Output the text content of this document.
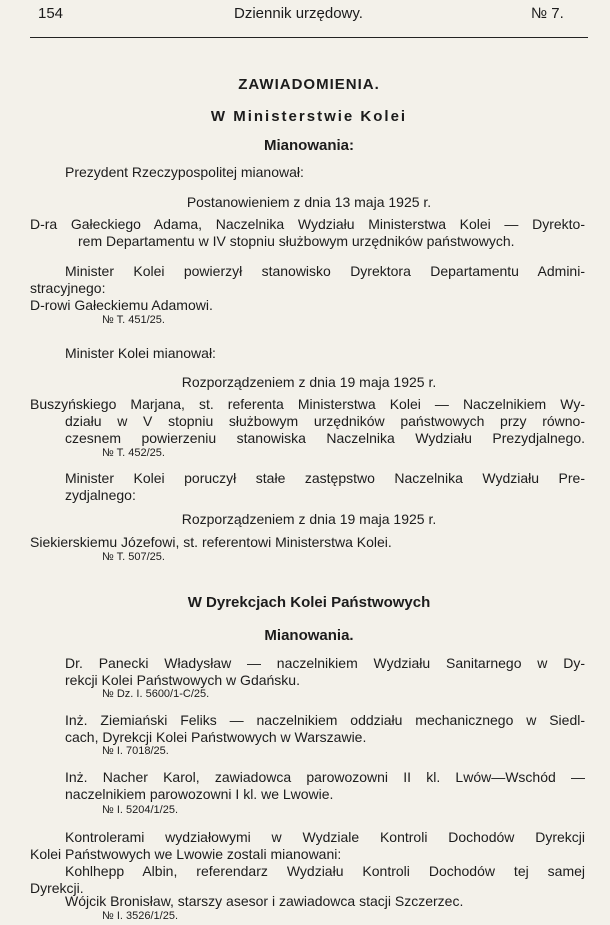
154	Dziennik urzędowy.	№ 7.
ZAWIADOMIENIA.
W Ministerstwie Kolei
Mianowania:
Prezydent Rzeczypospolitej mianował:
Postanowieniem z dnia 13 maja 1925 r.
D-ra Gałeckiego Adama, Naczelnika Wydziału Ministerstwa Kolei — Dyrekto-
rem Departamentu w IV stopniu służbowym urzędników państwowych.
Minister Kolei powierzył stanowisko Dyrektora Departamentu Admini-
stracyjnego:
D-rowi Gałeckiemu Adamowi.
№ T. 451/25.
Minister Kolei mianował:
Rozporządzeniem z dnia 19 maja 1925 r.
Buszyńskiego Marjana, st. referenta Ministerstwa Kolei — Naczelnikiem Wy-
działu w V stopniu służbowym urzędników państwowych przy równo-
czesnem powierzeniu stanowiska Naczelnika Wydziału Prezydjalnego.
№ T. 452/25.
Minister Kolei poruczył stałe zastępstwo Naczelnika Wydziału Pre-
zydjalnego:
Rozporządzeniem z dnia 19 maja 1925 r.
Siekierskiemu Józefowi, st. referentowi Ministerstwa Kolei.
№ T. 507/25.
W Dyrekcjach Kolei Państwowych
Mianowania.
Dr. Panecki Władysław — naczelnikiem Wydziału Sanitarnego w Dy-
rekcji Kolei Państwowych w Gdańsku.
№ Dz. I. 5600/1-C/25.
Inż. Ziemiański Feliks — naczelnikiem oddziału mechanicznego w Siedl-
cach, Dyrekcji Kolei Państwowych w Warszawie.
№ I. 7018/25.
Inż. Nacher Karol, zawiadowca parowozowni II kl. Lwów—Wschód —
naczelnikiem parowozowni I kl. we Lwowie.
№ I. 5204/1/25.
Kontrolerami wydziałowymi w Wydziale Kontroli Dochodów Dyrekcji
Kolei Państwowych we Lwowie zostali mianowani:
Kohlhepp Albin, referendarz Wydziału Kontroli Dochodów tej samej
Dyrekcji.
Wójcik Bronisław, starszy asesor i zawiadowca stacji Szczerzec.
№ I. 3526/1/25.
